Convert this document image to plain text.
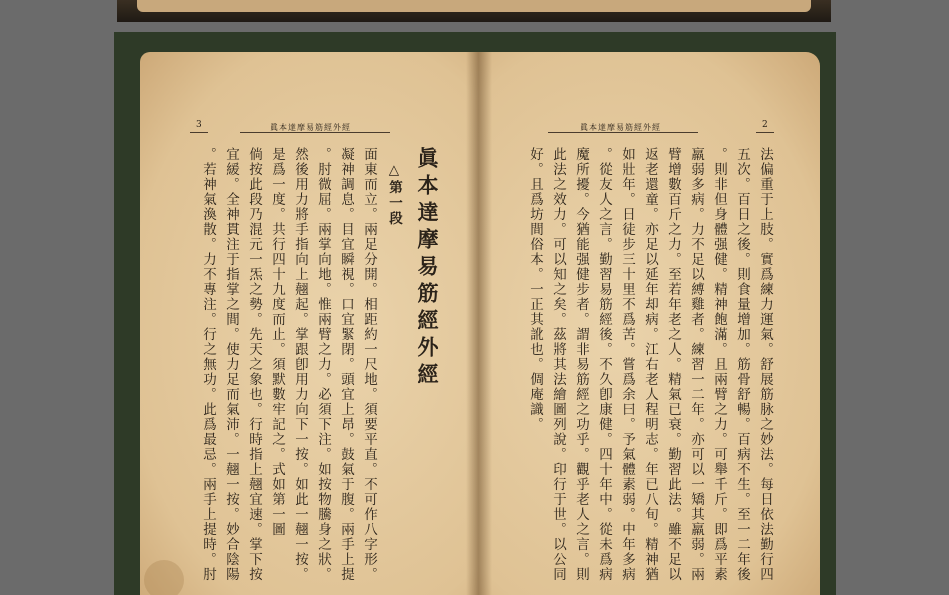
3	眞本達摩易筋經外經
眞本達摩易筋經外經
△第一段
面東而立。兩足分開。相距約一尺地。須要平直。不可作八字形。
凝神調息。目宜瞬視。口宜緊閉。頭宜上昂。鼓氣于腹。兩手上提
。肘微屈。兩掌向地。惟兩臂之力。必須下注。如按物騰身之狀。
然後用力將手指向上翹起。掌跟卽用力向下一按。如此一翹一按。
是爲一度。共行四十九度而止。須默數牢記之。式如第一圖
倘按此段乃混元一炁之勢。先天之象也。行時指上翹宜速。掌下按
宜緩。全神貫注于指掌之間。使力足而氣沛。一翹一按。妙合陰陽
。若神氣渙散。力不專注。行之無功。此爲最忌。兩手上提時。肘
眞本達摩易筋經外經	2
法偏重于上肢。實爲練力運氣。舒展筋脉之妙法。每日依法勤行四
五次。百日之後。則食量增加。筋骨舒暢。百病不生。至一二年後
。則非但身體强健。精神飽滿。且兩臂之力。可舉千斤。即爲平素
羸弱多病。力不足以縛雞者。練習一二年。亦可以一矯其羸弱。兩
臂增數百斤之力。至若年老之人。精氣已衰。勤習此法。雖不足以
返老還童。亦足以延年却病。江右老人程明志。年已八旬。精神猶
如壯年。日徒步三十里不爲苦。嘗爲余曰。予氣體素弱。中年多病
。從友人之言。勤習易筋經後。不久卽康健。四十年中。從未爲病
魔所擾。今猶能强健步者。謂非易筋經之功乎。觀乎老人之言。則
此法之效力。可以知之矣。茲將其法繪圖列說。印行于世。以公同
好。且爲坊間俗本。一正其訛也。倜庵識。
